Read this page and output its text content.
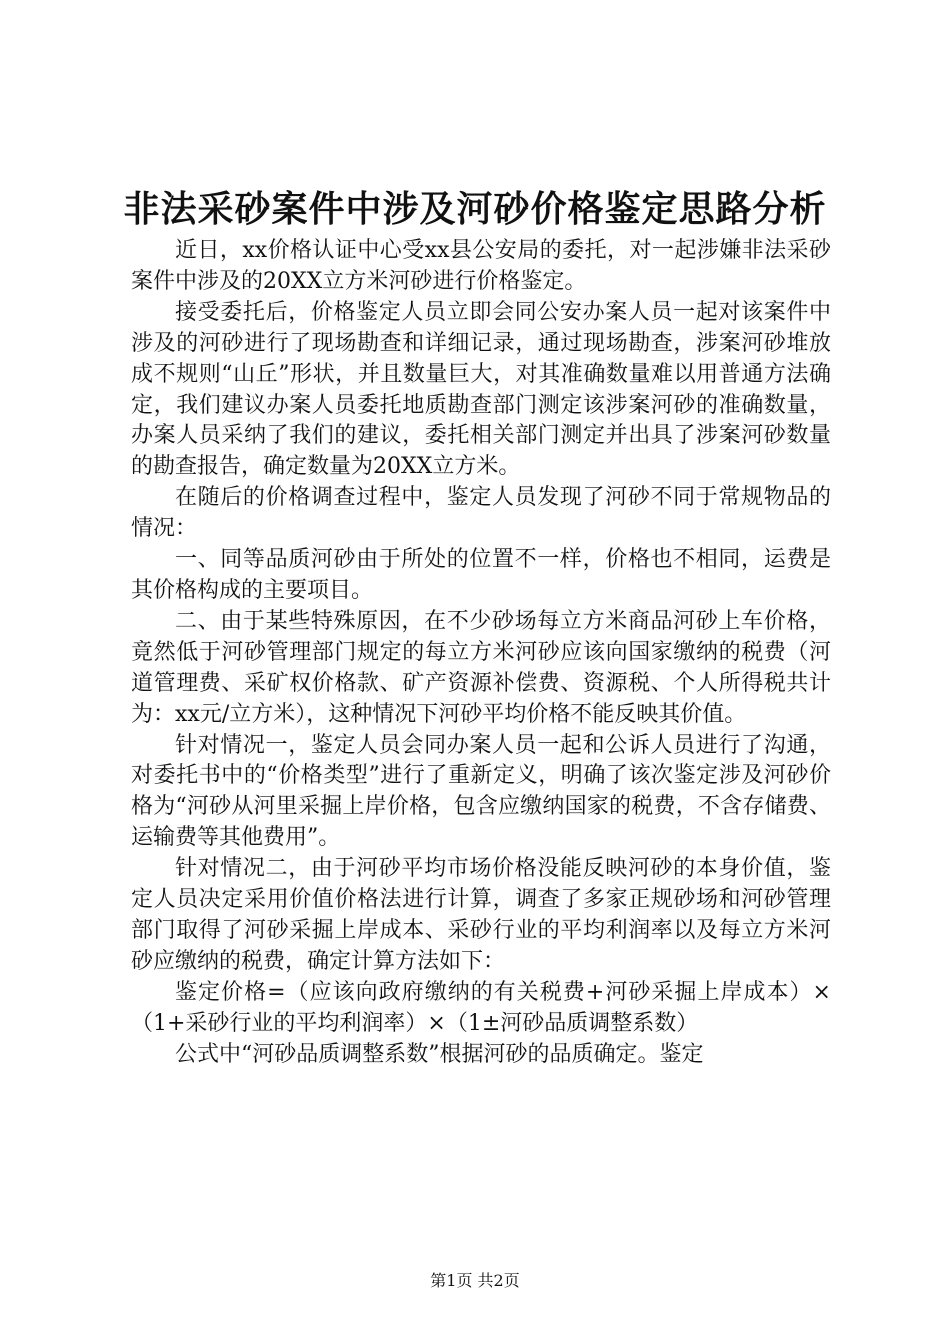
非法采砂案件中涉及河砂价格鉴定思路分析

近日，xx价格认证中心受xx县公安局的委托，对一起涉嫌非法采砂案件中涉及的20XX立方米河砂进行价格鉴定。

接受委托后，价格鉴定人员立即会同公安办案人员一起对该案件中涉及的河砂进行了现场勘查和详细记录，通过现场勘查，涉案河砂堆放成不规则“山丘”形状，并且数量巨大，对其准确数量难以用普通方法确定，我们建议办案人员委托地质勘查部门测定该涉案河砂的准确数量，办案人员采纳了我们的建议，委托相关部门测定并出具了涉案河砂数量的勘查报告，确定数量为20XX立方米。

在随后的价格调查过程中，鉴定人员发现了河砂不同于常规物品的情况：

一、同等品质河砂由于所处的位置不一样，价格也不相同，运费是其价格构成的主要项目。

二、由于某些特殊原因，在不少砂场每立方米商品河砂上车价格，竟然低于河砂管理部门规定的每立方米河砂应该向国家缴纳的税费（河道管理费、采矿权价格款、矿产资源补偿费、资源税、个人所得税共计为：xx元/立方米），这种情况下河砂平均价格不能反映其价值。

针对情况一，鉴定人员会同办案人员一起和公诉人员进行了沟通，对委托书中的“价格类型”进行了重新定义，明确了该次鉴定涉及河砂价格为“河砂从河里采掘上岸价格，包含应缴纳国家的税费，不含存储费、运输费等其他费用”。

针对情况二，由于河砂平均市场价格没能反映河砂的本身价值，鉴定人员决定采用价值价格法进行计算，调查了多家正规砂场和河砂管理部门取得了河砂采掘上岸成本、采砂行业的平均利润率以及每立方米河砂应缴纳的税费，确定计算方法如下：

鉴定价格=（应该向政府缴纳的有关税费+河砂采掘上岸成本）×（1+采砂行业的平均利润率）×（1±河砂品质调整系数）

公式中“河砂品质调整系数”根据河砂的品质确定。鉴定

第1页 共2页
